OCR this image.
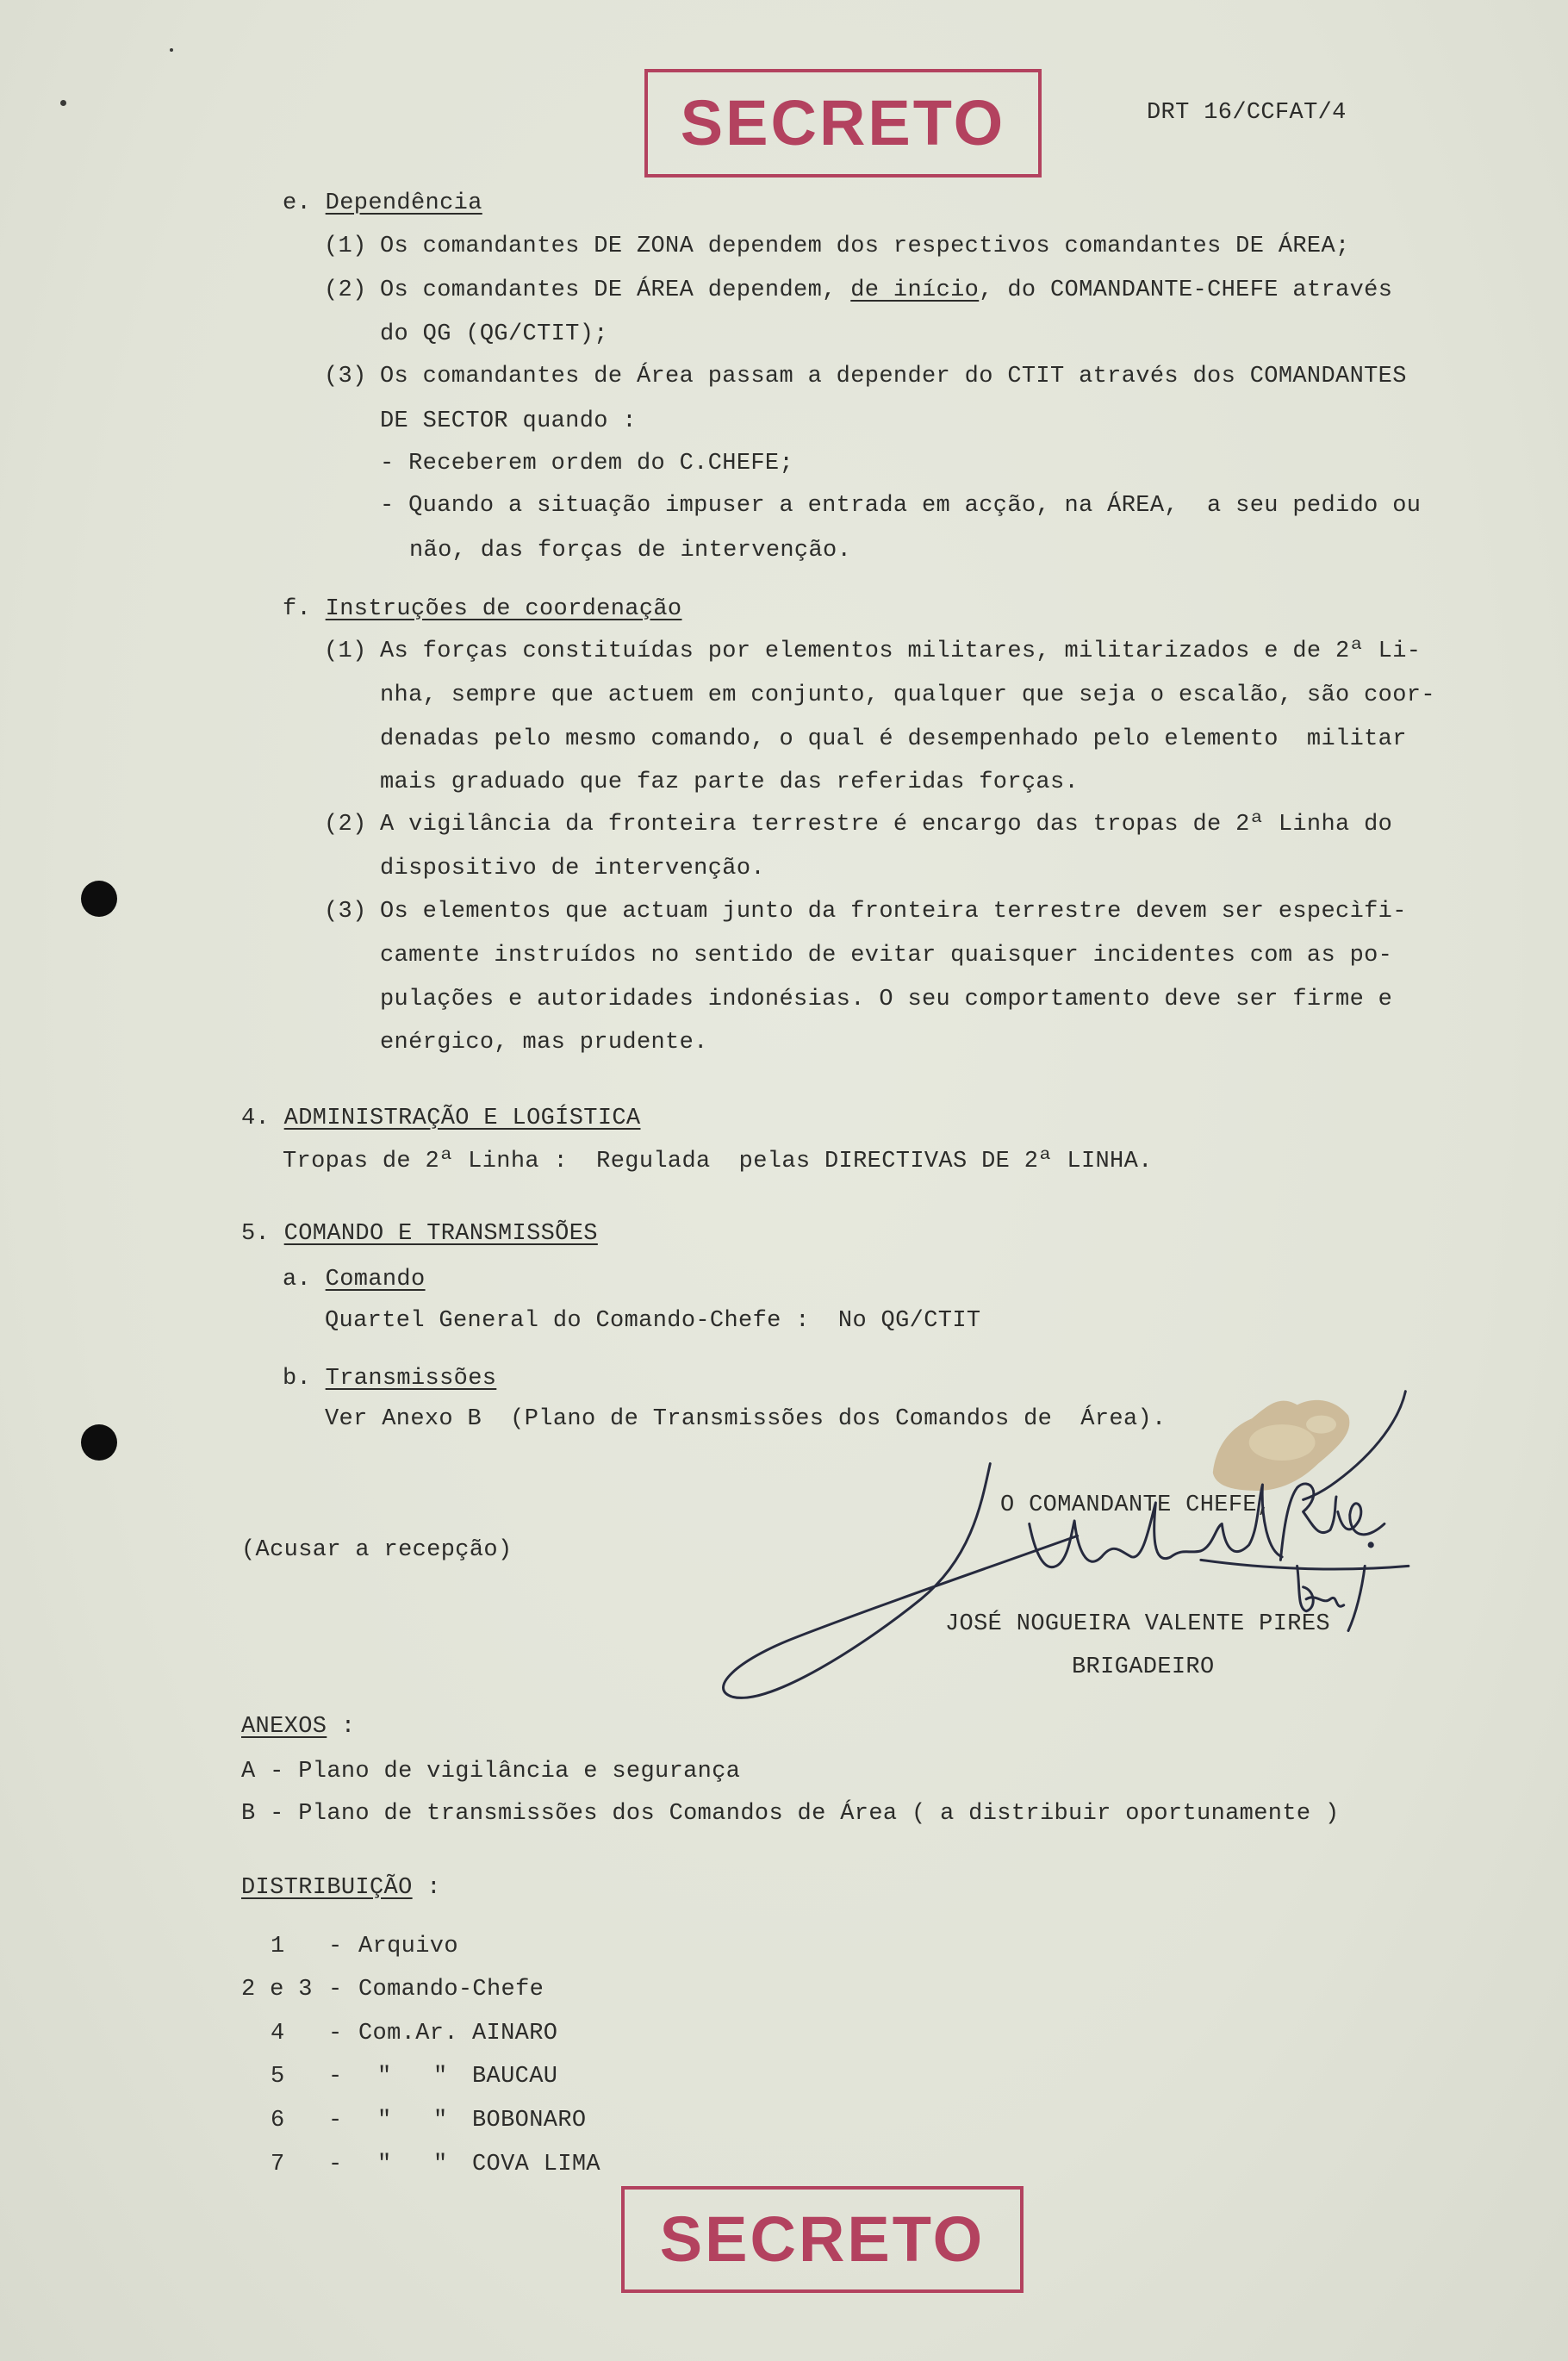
SECRETO	DRT 16/CCFAT/4
e. Dependência
(1) Os comandantes DE ZONA dependem dos respectivos comandantes DE ÁREA;
(2) Os comandantes DE ÁREA dependem, de início, do COMANDANTE-CHEFE através
do QG (QG/CTIT);
(3) Os comandantes de Área passam a depender do CTIT através dos COMANDANTES
DE SECTOR quando :
- Receberem ordem do C.CHEFE;
- Quando a situação impuser a entrada em acção, na ÁREA,  a seu pedido ou
não, das forças de intervenção.
f. Instruções de coordenação
(1) As forças constituídas por elementos militares, militarizados e de 2ª Li-
nha, sempre que actuem em conjunto, qualquer que seja o escalão, são coor-
denadas pelo mesmo comando, o qual é desempenhado pelo elemento  militar
mais graduado que faz parte das referidas forças.
(2) A vigilância da fronteira terrestre é encargo das tropas de 2ª Linha do
dispositivo de intervenção.
(3) Os elementos que actuam junto da fronteira terrestre devem ser especìfi-
camente instruídos no sentido de evitar quaisquer incidentes com as po-
pulações e autoridades indonésias. O seu comportamento deve ser firme e
enérgico, mas prudente.
4. ADMINISTRAÇÃO E LOGÍSTICA
Tropas de 2ª Linha :  Regulada  pelas DIRECTIVAS DE 2ª LINHA.
5. COMANDO E TRANSMISSÕES
a. Comando
Quartel General do Comando-Chefe :  No QG/CTIT
b. Transmissões
Ver Anexo B  (Plano de Transmissões dos Comandos de  Área).
O COMANDANTE CHEFE,
(Acusar a recepção)
JOSÉ NOGUEIRA VALENTE PIRES
BRIGADEIRO
ANEXOS :
A - Plano de vigilância e segurança
B - Plano de transmissões dos Comandos de Área ( a distribuir oportunamente )
DISTRIBUIÇÃO :
1 - Arquivo
2 e 3 - Comando-Chefe
4 - Com.Ar. AINARO
5 - " " BAUCAU
6 - " " BOBONARO
7 - " " COVA LIMA
SECRETO
